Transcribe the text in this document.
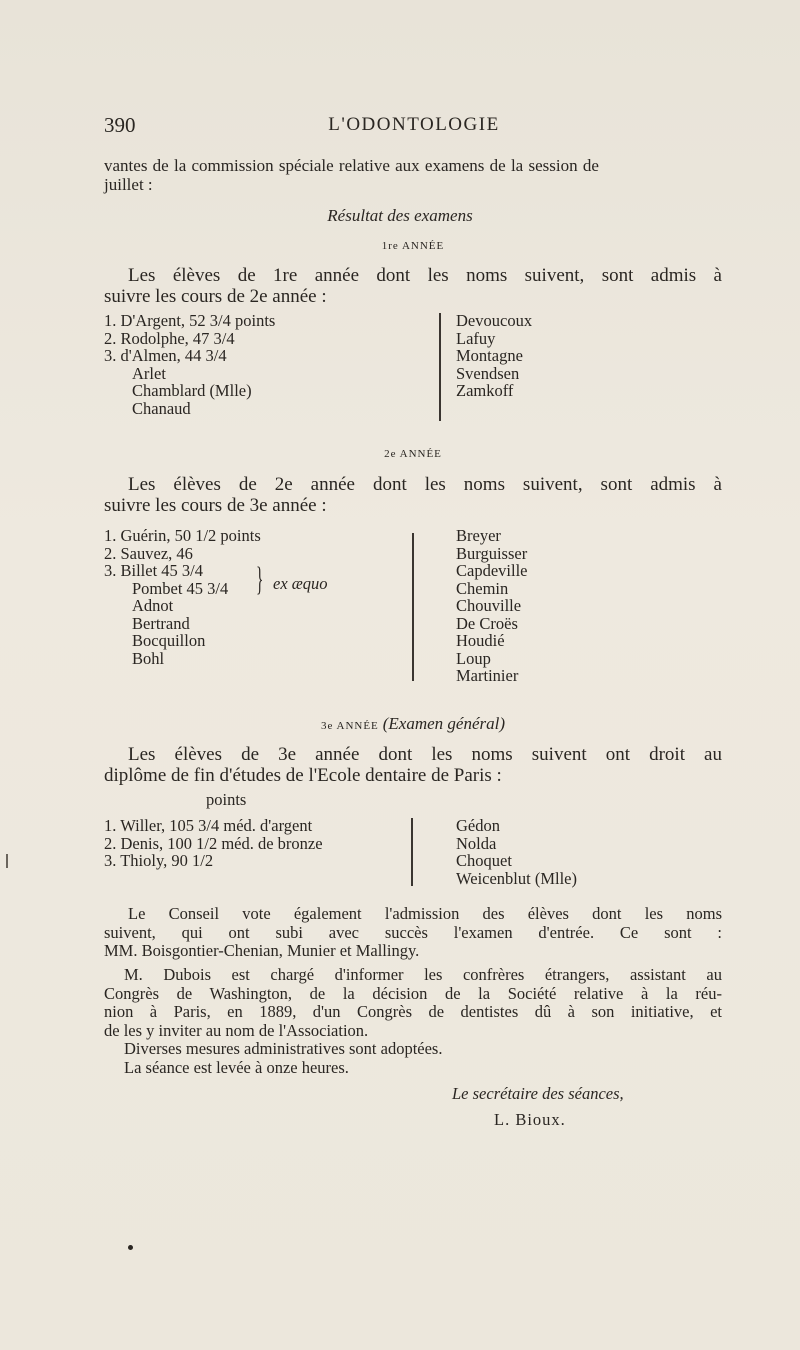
390	L'ODONTOLOGIE
vantes de la commission spéciale relative aux examens de la session de
juillet :
Résultat des examens
1re ANNÉE
Les élèves de 1re année dont les noms suivent, sont admis à
suivre les cours de 2e année :
1. D'Argent, 52 3/4 points
2. Rodolphe, 47 3/4
3. d'Almen, 44 3/4
Arlet
Chamblard (Mlle)
Chanaud
Devoucoux
Lafuy
Montagne
Svendsen
Zamkoff
2e ANNÉE
Les élèves de 2e année dont les noms suivent, sont admis à
suivre les cours de 3e année :
1. Guérin, 50 1/2 points
2. Sauvez, 46
3. Billet 45 3/4
Pombet 45 3/4
Adnot
Bertrand
Bocquillon
Bohl
} ex æquo
Breyer
Burguisser
Capdeville
Chemin
Chouville
De Croës
Houdié
Loup
Martinier
3e ANNÉE (Examen général)
Les élèves de 3e année dont les noms suivent ont droit au
diplôme de fin d'études de l'Ecole dentaire de Paris :
points
1. Willer, 105 3/4 méd. d'argent
2. Denis, 100 1/2 méd. de bronze
3. Thioly, 90 1/2
Gédon
Nolda
Choquet
Weicenblut (Mlle)
Le Conseil vote également l'admission des élèves dont les noms
suivent, qui ont subi avec succès l'examen d'entrée. Ce sont :
MM. Boisgontier-Chenian, Munier et Mallingy.
M. Dubois est chargé d'informer les confrères étrangers, assistant au
Congrès de Washington, de la décision de la Société relative à la réu-
nion à Paris, en 1889, d'un Congrès de dentistes dû à son initiative, et
de les y inviter au nom de l'Association.
Diverses mesures administratives sont adoptées.
La séance est levée à onze heures.
Le secrétaire des séances,
L. Bioux.
